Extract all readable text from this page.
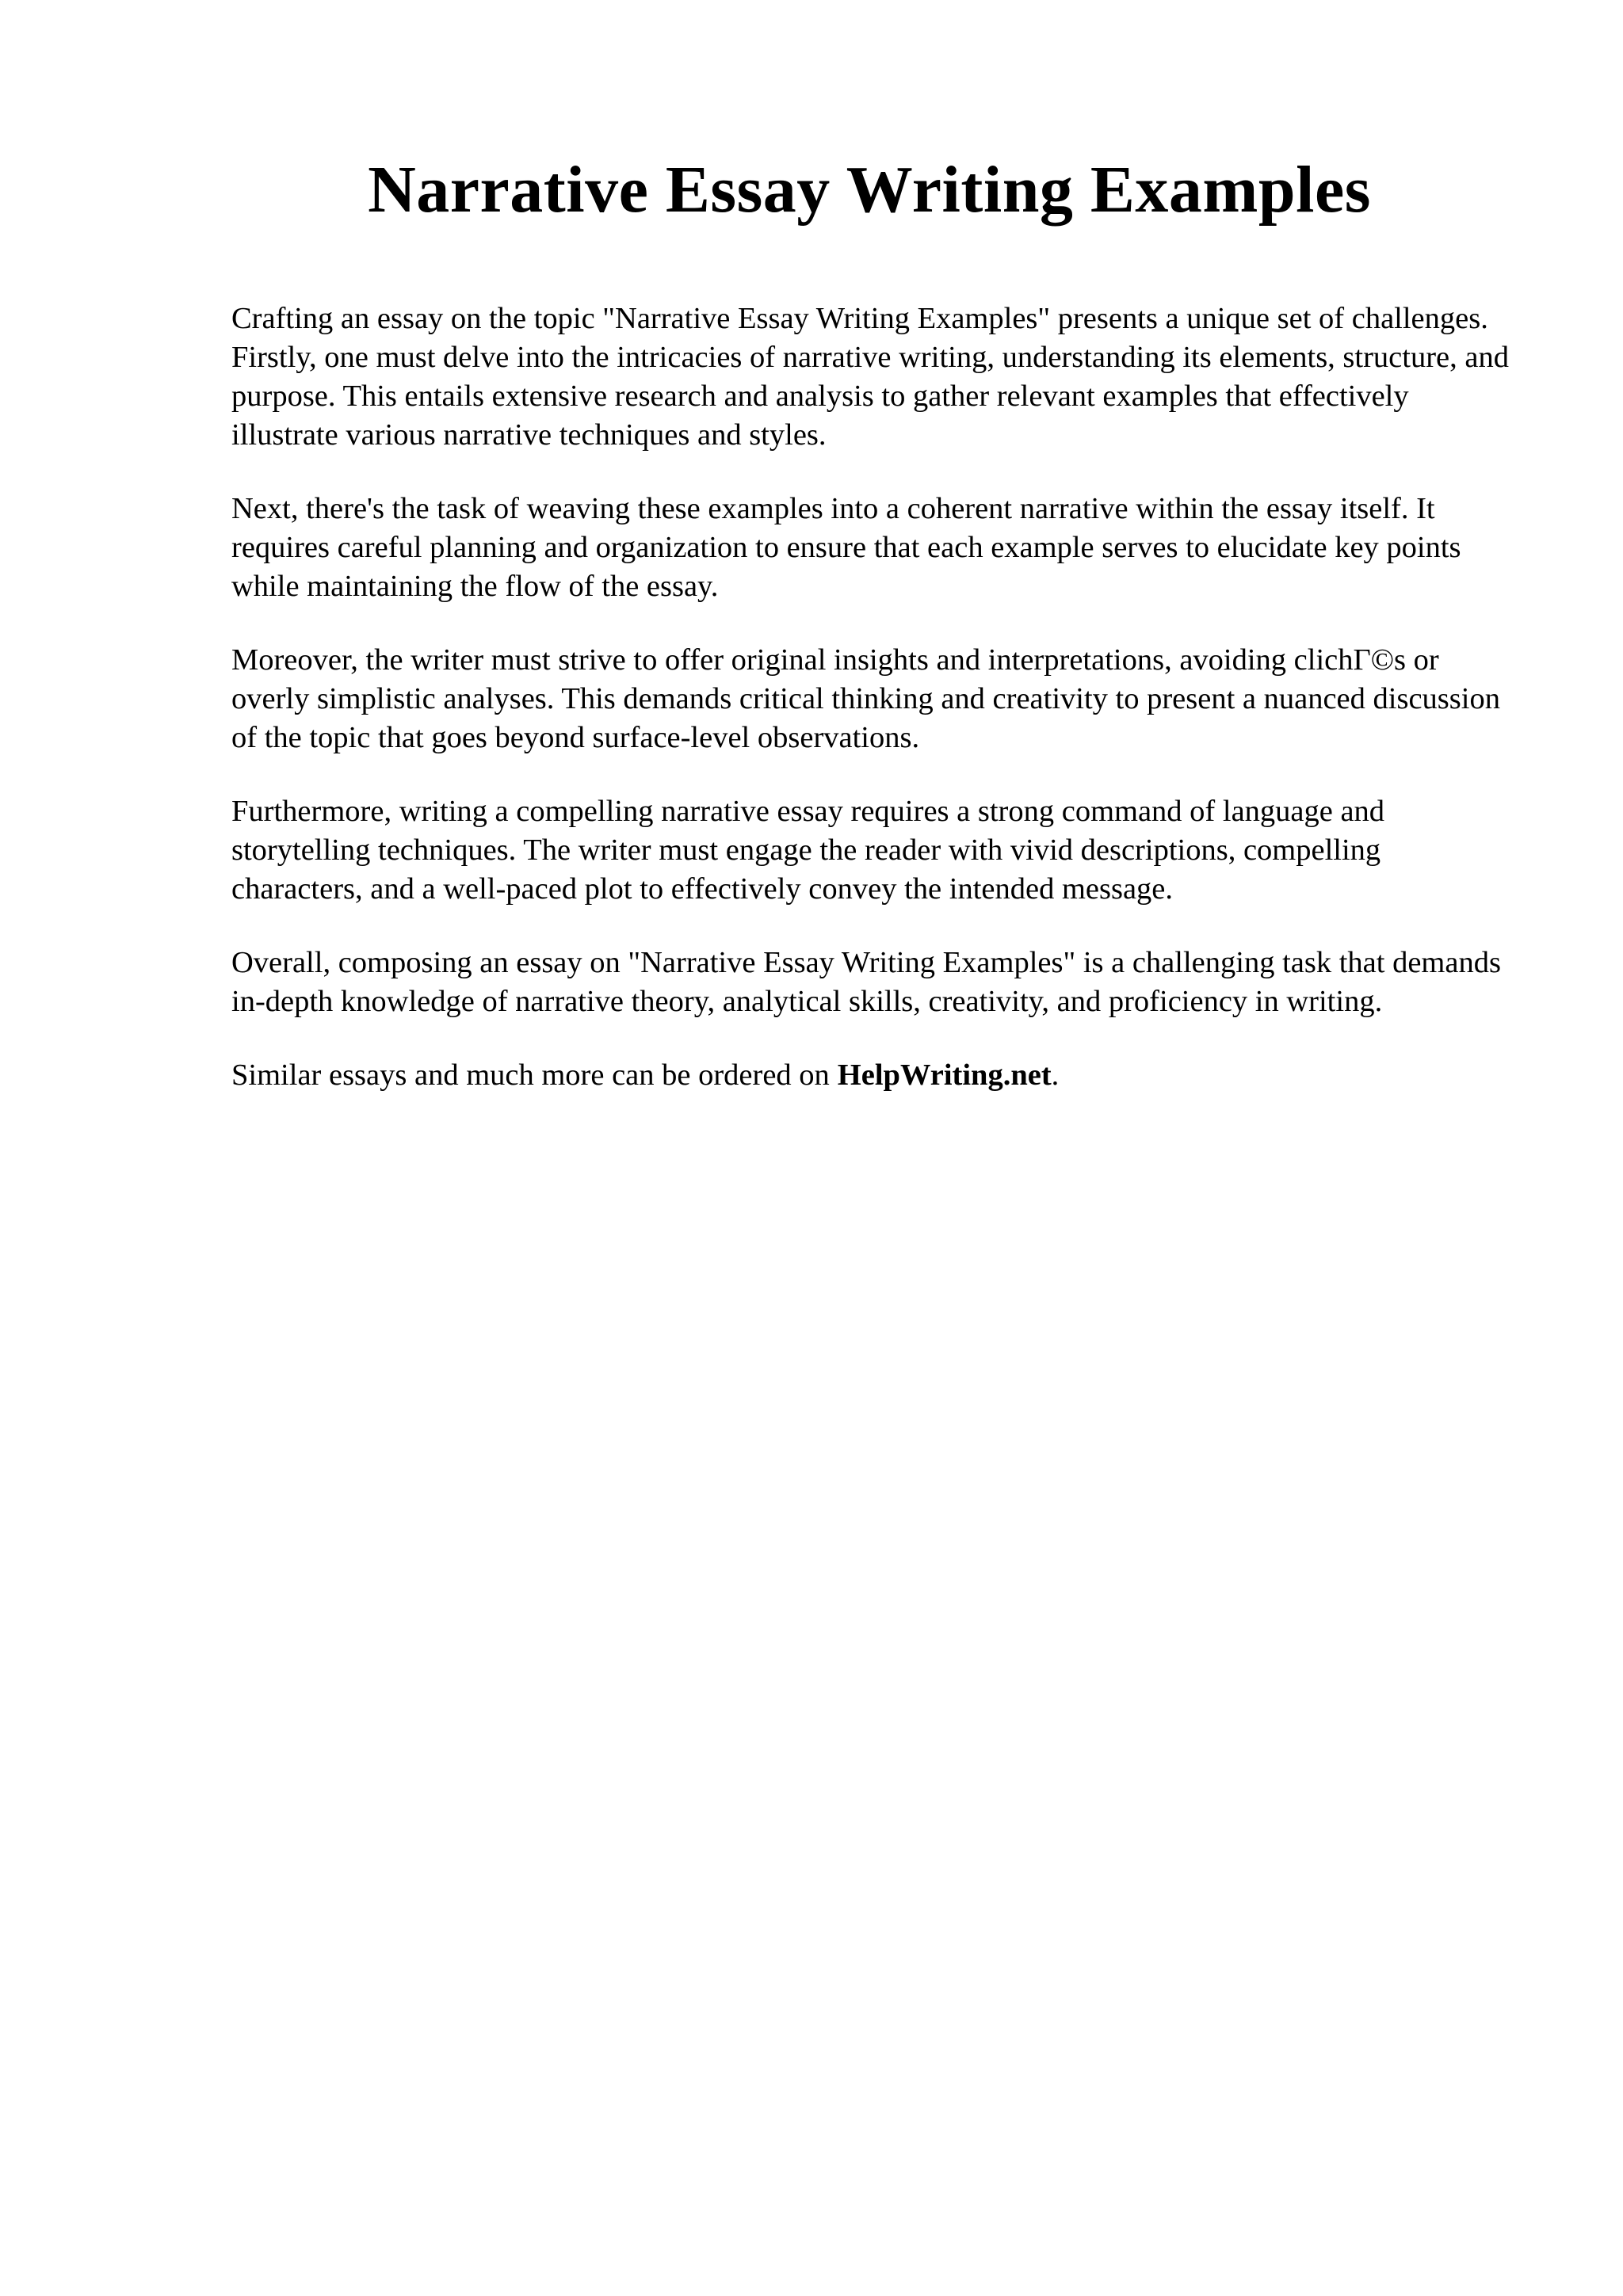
Narrative Essay Writing Examples

Crafting an essay on the topic "Narrative Essay Writing Examples" presents a unique set of challenges. Firstly, one must delve into the intricacies of narrative writing, understanding its elements, structure, and purpose. This entails extensive research and analysis to gather relevant examples that effectively illustrate various narrative techniques and styles.

Next, there's the task of weaving these examples into a coherent narrative within the essay itself. It requires careful planning and organization to ensure that each example serves to elucidate key points while maintaining the flow of the essay.

Moreover, the writer must strive to offer original insights and interpretations, avoiding clichΓ©s or overly simplistic analyses. This demands critical thinking and creativity to present a nuanced discussion of the topic that goes beyond surface-level observations.

Furthermore, writing a compelling narrative essay requires a strong command of language and storytelling techniques. The writer must engage the reader with vivid descriptions, compelling characters, and a well-paced plot to effectively convey the intended message.

Overall, composing an essay on "Narrative Essay Writing Examples" is a challenging task that demands in-depth knowledge of narrative theory, analytical skills, creativity, and proficiency in writing.

Similar essays and much more can be ordered on HelpWriting.net.
